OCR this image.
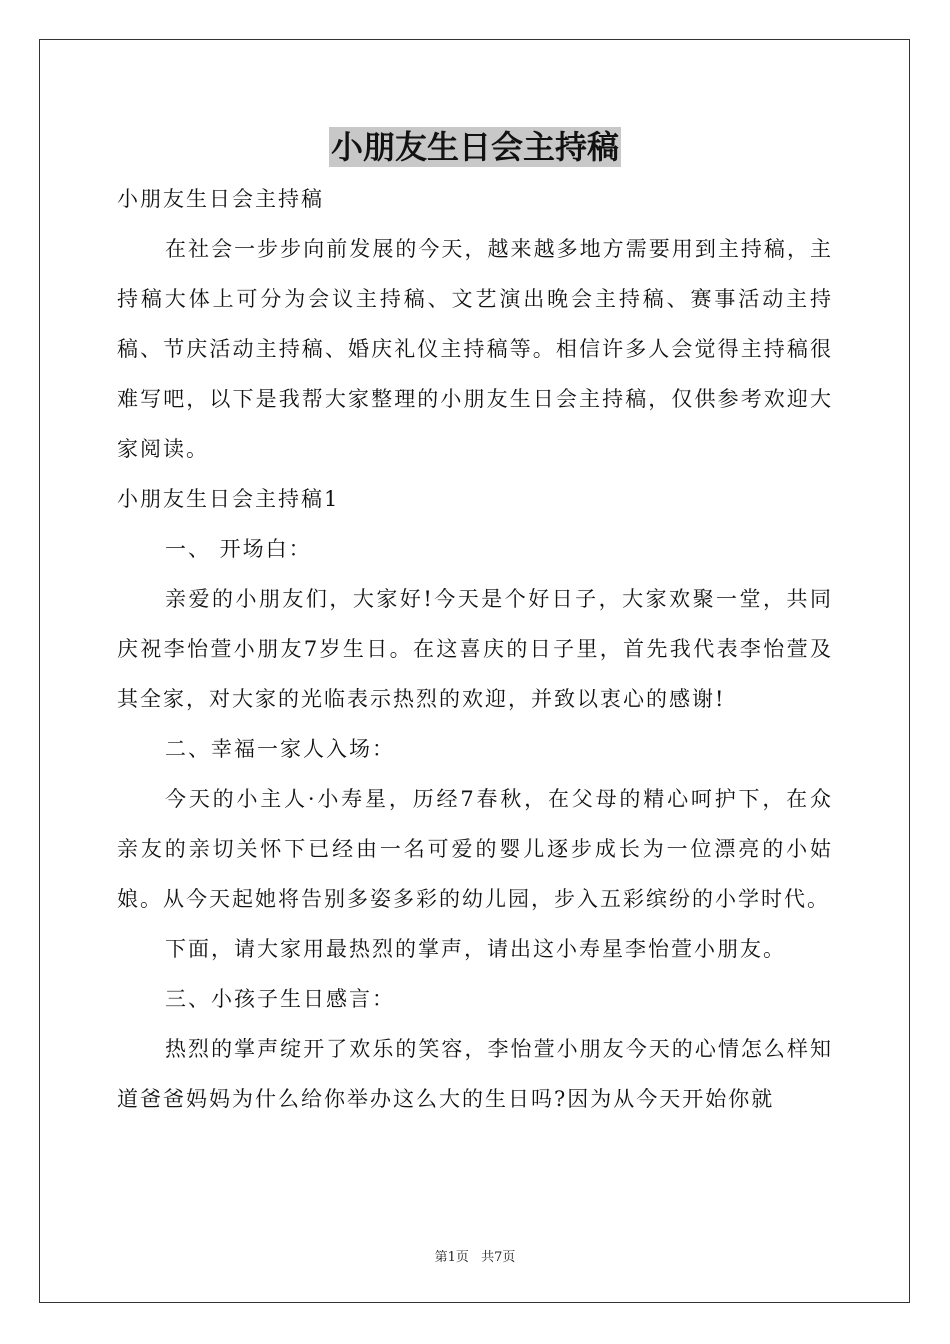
小朋友生日会主持稿

小朋友生日会主持稿

在社会一步步向前发展的今天，越来越多地方需要用到主持稿，主持稿大体上可分为会议主持稿、文艺演出晚会主持稿、赛事活动主持稿、节庆活动主持稿、婚庆礼仪主持稿等。相信许多人会觉得主持稿很难写吧，以下是我帮大家整理的小朋友生日会主持稿，仅供参考欢迎大家阅读。

小朋友生日会主持稿1

一、 开场白：

亲爱的小朋友们，大家好!今天是个好日子，大家欢聚一堂，共同庆祝李怡萱小朋友7岁生日。在这喜庆的日子里，首先我代表李怡萱及其全家，对大家的光临表示热烈的欢迎，并致以衷心的感谢!

二、幸福一家人入场：

今天的小主人·小寿星，历经7春秋，在父母的精心呵护下，在众亲友的亲切关怀下已经由一名可爱的婴儿逐步成长为一位漂亮的小姑娘。从今天起她将告别多姿多彩的幼儿园，步入五彩缤纷的小学时代。

下面，请大家用最热烈的掌声，请出这小寿星李怡萱小朋友。

三、小孩子生日感言：

热烈的掌声绽开了欢乐的笑容，李怡萱小朋友今天的心情怎么样知道爸爸妈妈为什么给你举办这么大的生日吗?因为从今天开始你就

第1页 共7页
